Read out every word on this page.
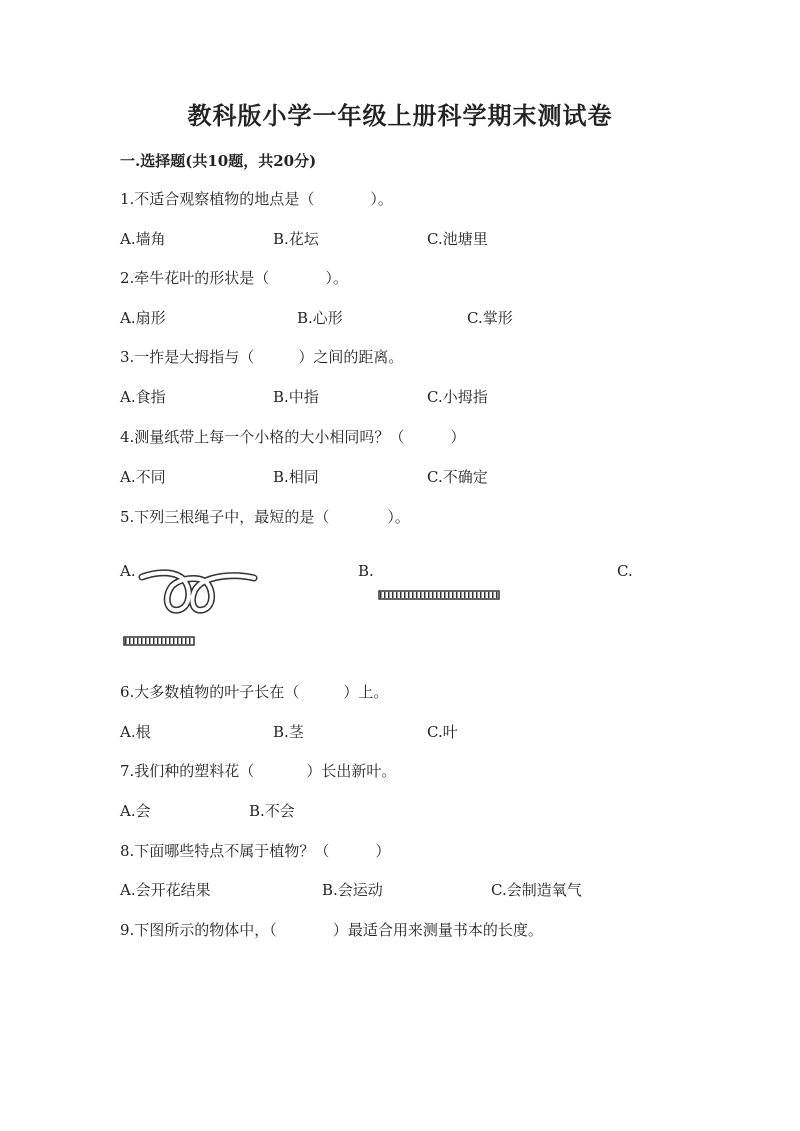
教科版小学一年级上册科学期末测试卷
一.选择题(共10题，共20分)
1.不适合观察植物的地点是（	）。
A.墙角	B.花坛	C.池塘里
2.牵牛花叶的形状是（	）。
A.扇形	B.心形	C.掌形
3.一拃是大拇指与（	）之间的距离。
A.食指	B.中指	C.小拇指
4.测量纸带上每一个小格的大小相同吗？（	）
A.不同	B.相同	C.不确定
5.下列三根绳子中，最短的是（	）。
A.	B.	C.
6.大多数植物的叶子长在（	）上。
A.根	B.茎	C.叶
7.我们种的塑料花（	）长出新叶。
A.会	B.不会
8.下面哪些特点不属于植物？（	）
A.会开花结果	B.会运动	C.会制造氧气
9.下图所示的物体中，（	）最适合用来测量书本的长度。
